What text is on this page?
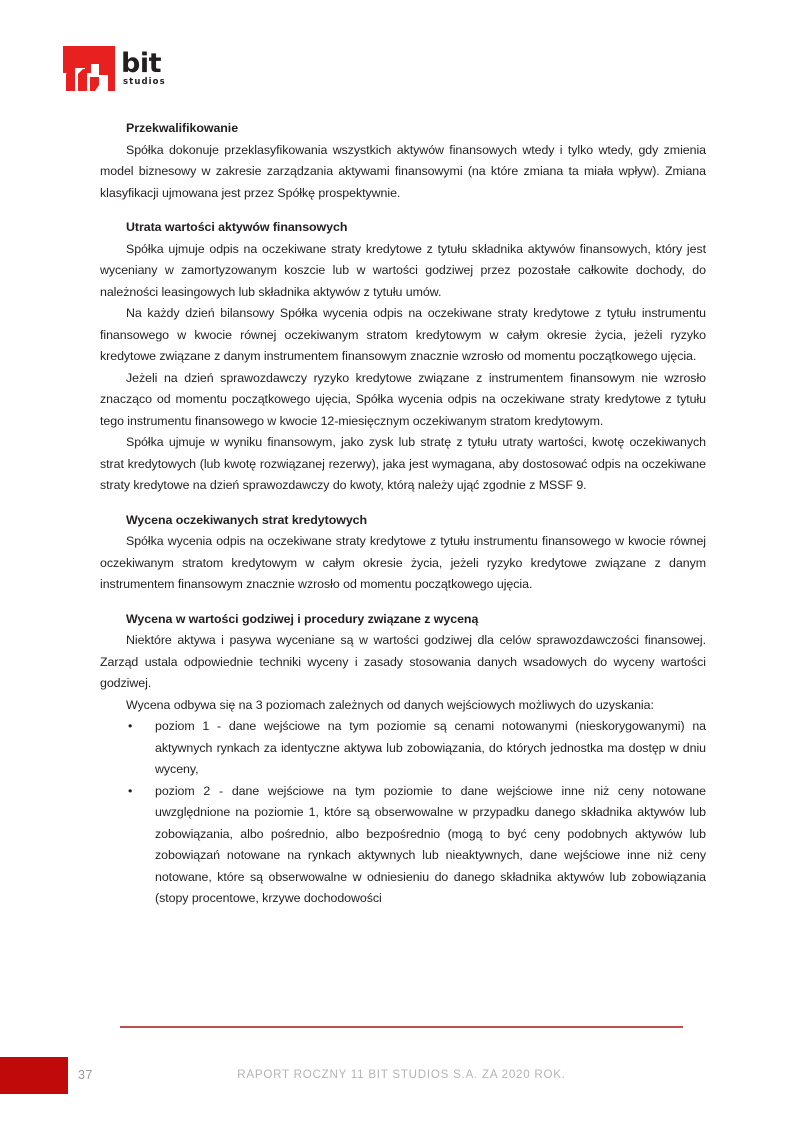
bit
studios
Przekwalifikowanie

Spółka dokonuje przeklasyfikowania wszystkich aktywów finansowych wtedy i tylko wtedy, gdy zmienia model biznesowy w zakresie zarządzania aktywami finansowymi (na które zmiana ta miała wpływ). Zmiana klasyfikacji ujmowana jest przez Spółkę prospektywnie.

Utrata wartości aktywów finansowych

Spółka ujmuje odpis na oczekiwane straty kredytowe z tytułu składnika aktywów finansowych, który jest wyceniany w zamortyzowanym koszcie lub w wartości godziwej przez pozostałe całkowite dochody, do należności leasingowych lub składnika aktywów z tytułu umów.

Na każdy dzień bilansowy Spółka wycenia odpis na oczekiwane straty kredytowe z tytułu instrumentu finansowego w kwocie równej oczekiwanym stratom kredytowym w całym okresie życia, jeżeli ryzyko kredytowe związane z danym instrumentem finansowym znacznie wzrosło od momentu początkowego ujęcia.

Jeżeli na dzień sprawozdawczy ryzyko kredytowe związane z instrumentem finansowym nie wzrosło znacząco od momentu początkowego ujęcia, Spółka wycenia odpis na oczekiwane straty kredytowe z tytułu tego instrumentu finansowego w kwocie 12-miesięcznym oczekiwanym stratom kredytowym.

Spółka ujmuje w wyniku finansowym, jako zysk lub stratę z tytułu utraty wartości, kwotę oczekiwanych strat kredytowych (lub kwotę rozwiązanej rezerwy), jaka jest wymagana, aby dostosować odpis na oczekiwane straty kredytowe na dzień sprawozdawczy do kwoty, którą należy ująć zgodnie z MSSF 9.

Wycena oczekiwanych strat kredytowych

Spółka wycenia odpis na oczekiwane straty kredytowe z tytułu instrumentu finansowego w kwocie równej oczekiwanym stratom kredytowym w całym okresie życia, jeżeli ryzyko kredytowe związane z danym instrumentem finansowym znacznie wzrosło od momentu początkowego ujęcia.

Wycena w wartości godziwej i procedury związane z wyceną

Niektóre aktywa i pasywa wyceniane są w wartości godziwej dla celów sprawozdawczości finansowej. Zarząd ustala odpowiednie techniki wyceny i zasady stosowania danych wsadowych do wyceny wartości godziwej.

Wycena odbywa się na 3 poziomach zależnych od danych wejściowych możliwych do uzyskania:

• poziom 1 - dane wejściowe na tym poziomie są cenami notowanymi (nieskorygowanymi) na aktywnych rynkach za identyczne aktywa lub zobowiązania, do których jednostka ma dostęp w dniu wyceny,
• poziom 2 - dane wejściowe na tym poziomie to dane wejściowe inne niż ceny notowane uwzględnione na poziomie 1, które są obserwowalne w przypadku danego składnika aktywów lub zobowiązania, albo pośrednio, albo bezpośrednio (mogą to być ceny podobnych aktywów lub zobowiązań notowane na rynkach aktywnych lub nieaktywnych, dane wejściowe inne niż ceny notowane, które są obserwowalne w odniesieniu do danego składnika aktywów lub zobowiązania (stopy procentowe, krzywe dochodowości
37	RAPORT ROCZNY 11 BIT STUDIOS S.A. ZA 2020 ROK.
